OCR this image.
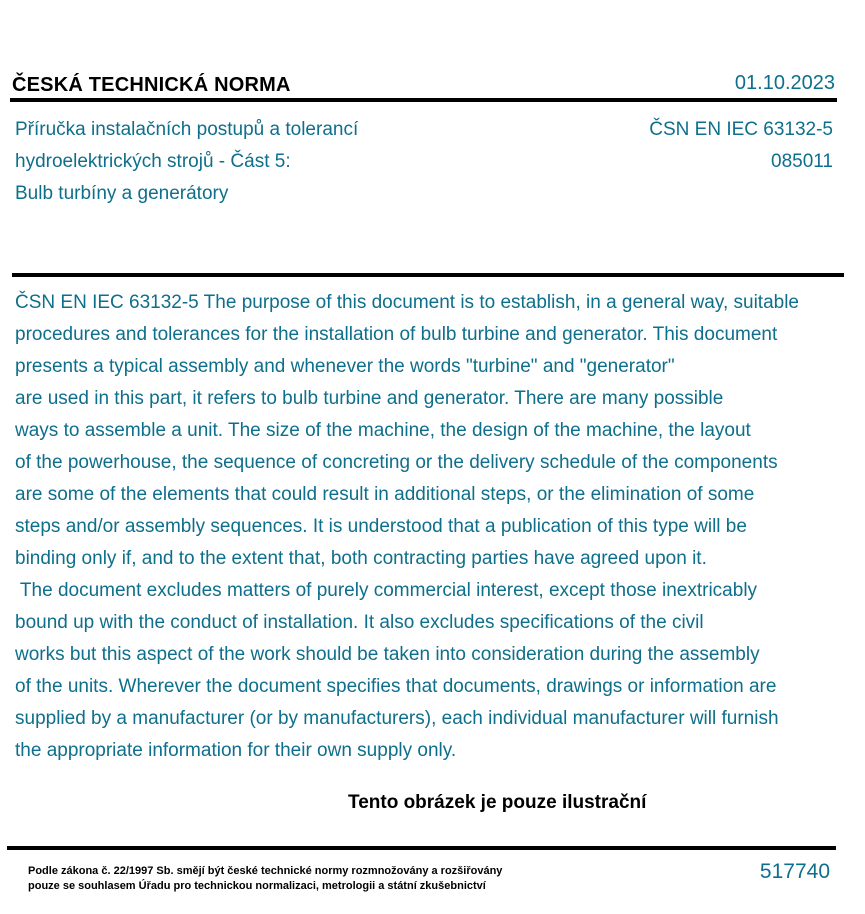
ČESKÁ TECHNICKÁ NORMA	01.10.2023
Příručka instalačních postupů a tolerancí
hydroelektrických strojů - Část 5:
Bulb turbíny a generátory
ČSN EN IEC 63132-5
085011

ČSN EN IEC 63132-5 The purpose of this document is to establish, in a general way, suitable

procedures and tolerances for the installation of bulb turbine and generator. This document

presents a typical assembly and whenever the words "turbine" and "generator"

are used in this part, it refers to bulb turbine and generator. There are many possible

ways to assemble a unit. The size of the machine, the design of the machine, the layout

of the powerhouse, the sequence of concreting or the delivery schedule of the components

are some of the elements that could result in additional steps, or the elimination of some

steps and/or assembly sequences. It is understood that a publication of this type will be

binding only if, and to the extent that, both contracting parties have agreed upon it.

The document excludes matters of purely commercial interest, except those inextricably

bound up with the conduct of installation. It also excludes specifications of the civil

works but this aspect of the work should be taken into consideration during the assembly

of the units. Wherever the document specifies that documents, drawings or information are

supplied by a manufacturer (or by manufacturers), each individual manufacturer will furnish

the appropriate information for their own supply only.

Tento obrázek je pouze ilustrační
Podle zákona č. 22/1997 Sb. smějí být české technické normy rozmnožovány a rozšiřovány
pouze se souhlasem Úřadu pro technickou normalizaci, metrologii a státní zkušebnictví
517740
